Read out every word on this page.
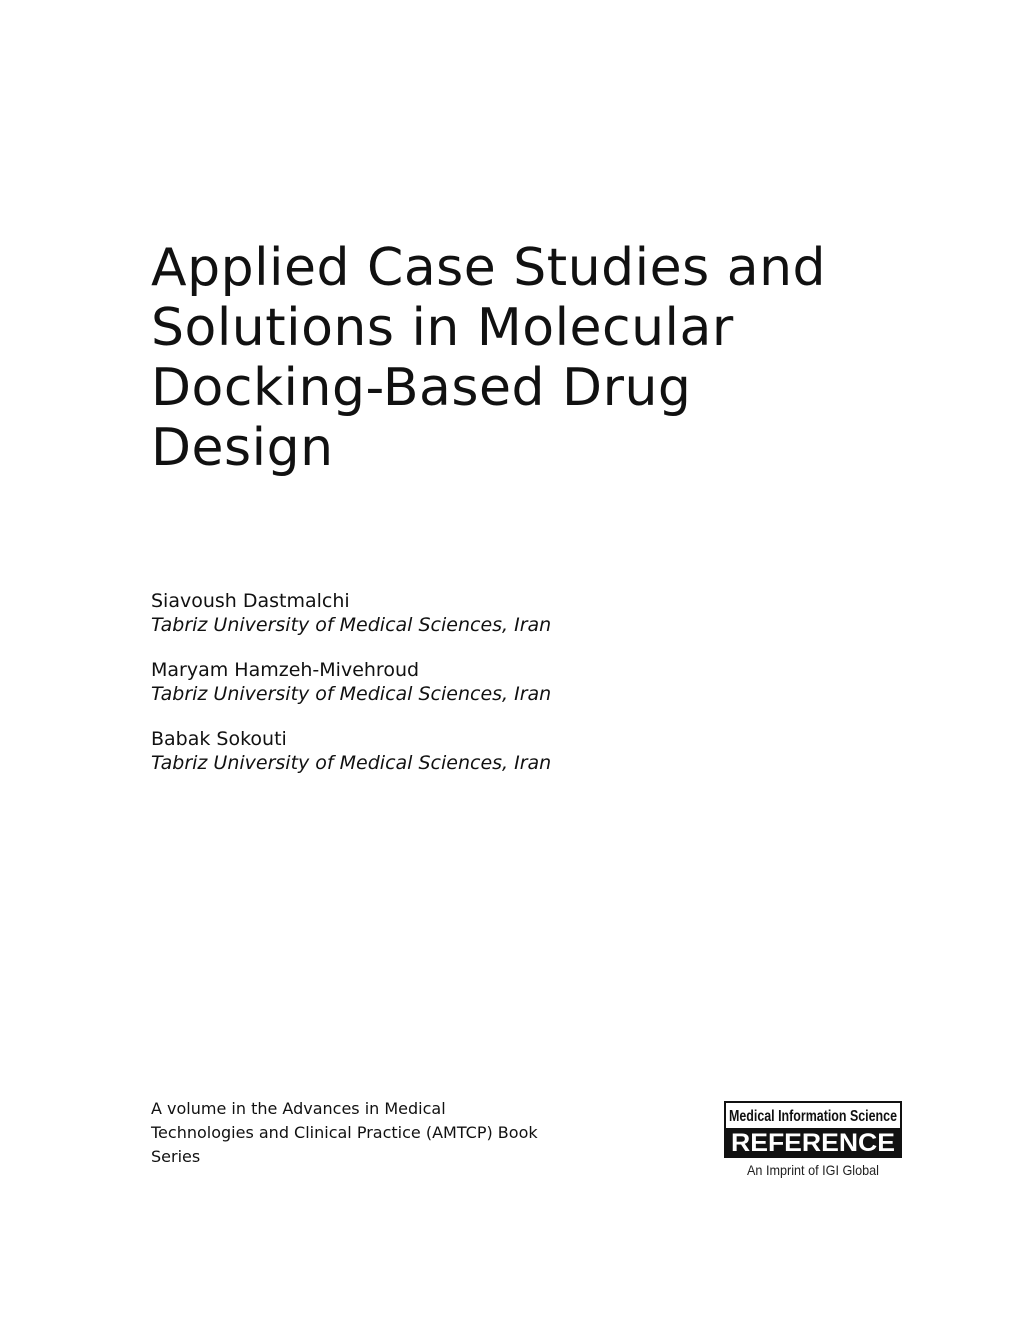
Applied Case Studies and
Solutions in Molecular
Docking-Based Drug
Design
Siavoush Dastmalchi
Tabriz University of Medical Sciences, Iran
Maryam Hamzeh-Mivehroud
Tabriz University of Medical Sciences, Iran
Babak Sokouti
Tabriz University of Medical Sciences, Iran
A volume in the Advances in Medical
Technologies and Clinical Practice (AMTCP) Book
Series
Medical Information Science
REFERENCE
An Imprint of IGI Global
